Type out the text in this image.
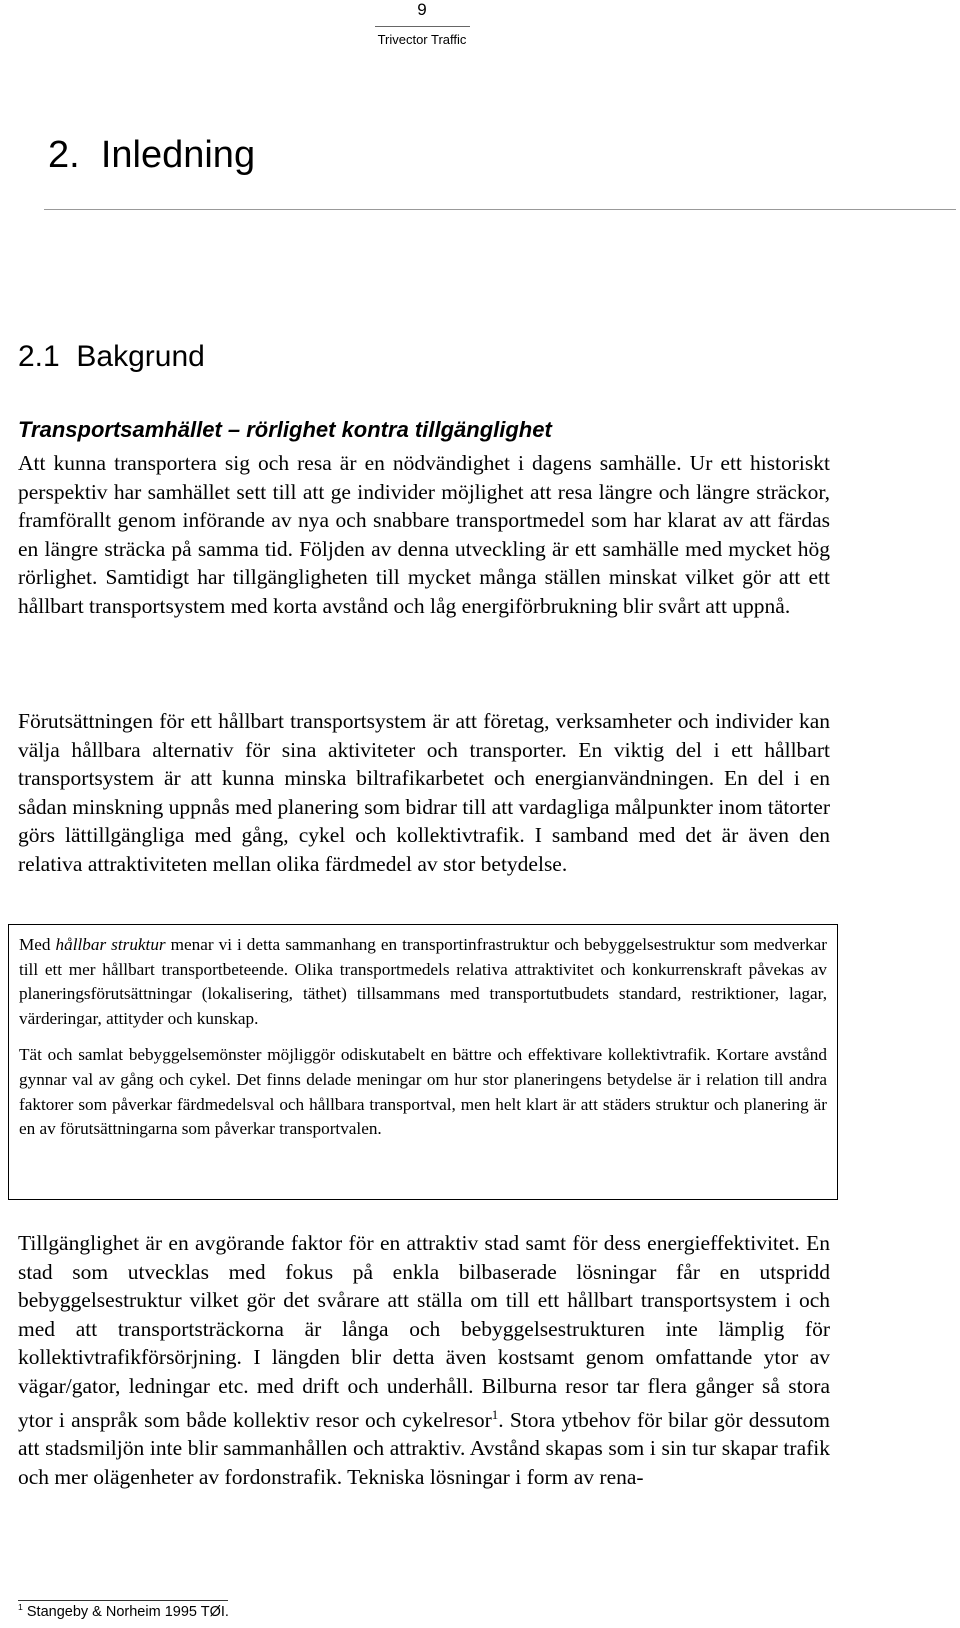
9
Trivector Traffic
2. Inledning
2.1 Bakgrund
Transportsamhället – rörlighet kontra tillgänglighet

Att kunna transportera sig och resa är en nödvändighet i dagens samhälle. Ur ett historiskt perspektiv har samhället sett till att ge individer möjlighet att resa längre och längre sträckor, framförallt genom införande av nya och snabbare transportmedel som har klarat av att färdas en längre sträcka på samma tid. Följden av denna utveckling är ett samhälle med mycket hög rörlighet. Samtidigt har tillgängligheten till mycket många ställen minskat vilket gör att ett hållbart transportsystem med korta avstånd och låg energiförbrukning blir svårt att uppnå.

Förutsättningen för ett hållbart transportsystem är att företag, verksamheter och individer kan välja hållbara alternativ för sina aktiviteter och transporter. En viktig del i ett hållbart transportsystem är att kunna minska biltrafikarbetet och energianvändningen. En del i en sådan minskning uppnås med planering som bidrar till att vardagliga målpunkter inom tätorter görs lättillgängliga med gång, cykel och kollektivtrafik. I samband med det är även den relativa attraktiviteten mellan olika färdmedel av stor betydelse.

Med hållbar struktur menar vi i detta sammanhang en transportinfrastruktur och bebyggelsestruktur som medverkar till ett mer hållbart transportbeteende. Olika transportmedels relativa attraktivitet och konkurrenskraft påvekas av planeringsförutsättningar (lokalisering, täthet) tillsammans med transportutbudets standard, restriktioner, lagar, värderingar, attityder och kunskap.

Tät och samlat bebyggelsemönster möjliggör odiskutabelt en bättre och effektivare kollektivtrafik. Kortare avstånd gynnar val av gång och cykel. Det finns delade meningar om hur stor planeringens betydelse är i relation till andra faktorer som påverkar färdmedelsval och hållbara transportval, men helt klart är att städers struktur och planering är en av förutsättningarna som påverkar transportvalen.

Tillgänglighet är en avgörande faktor för en attraktiv stad samt för dess energieffektivitet. En stad som utvecklas med fokus på enkla bilbaserade lösningar får en utspridd bebyggelsestruktur vilket gör det svårare att ställa om till ett hållbart transportsystem i och med att transportsträckorna är långa och bebyggelsestrukturen inte lämplig för kollektivtrafikförsörjning. I längden blir detta även kostsamt genom omfattande ytor av vägar/gator, ledningar etc. med drift och underhåll. Bilburna resor tar flera gånger så stora ytor i anspråk som både kollektiv resor och cykelresor$^1$. Stora ytbehov för bilar gör dessutom att stadsmiljön inte blir sammanhållen och attraktiv. Avstånd skapas som i sin tur skapar trafik och mer olägenheter av fordonstrafik. Tekniska lösningar i form av rena-

$^1$ Stangeby & Norheim 1995 TØI.
